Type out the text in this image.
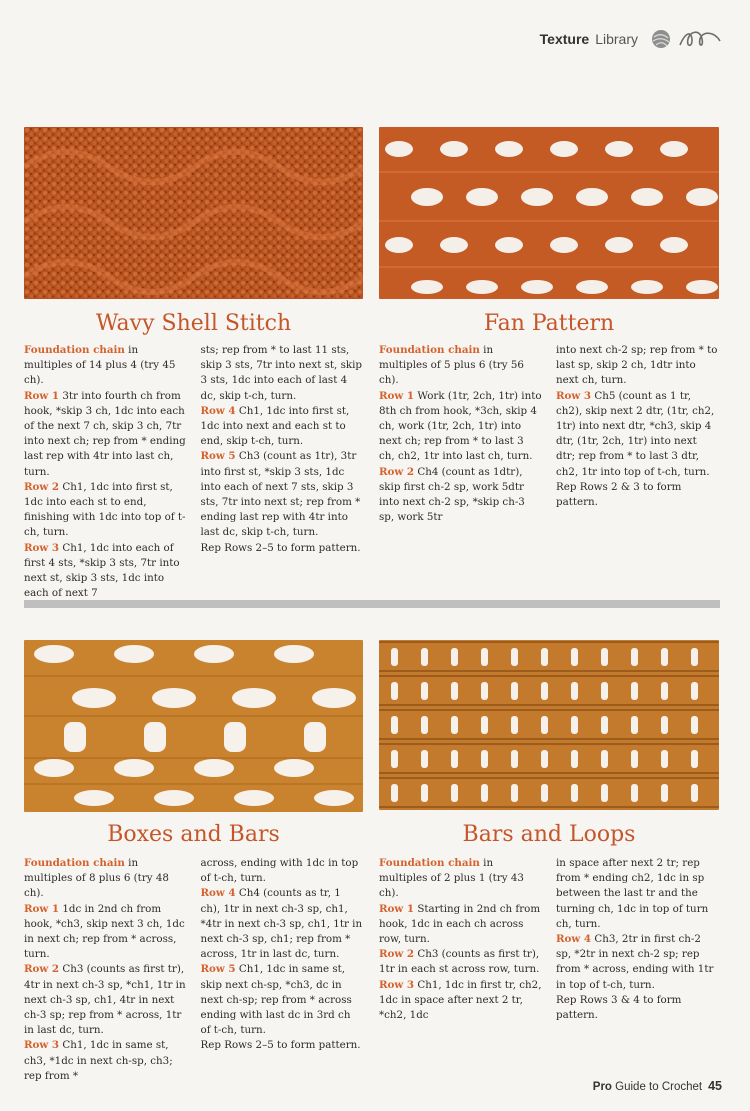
Texture Library
Wavy Shell Stitch

Foundation chain in multiples of 14 plus 4 (try 45 ch).

Row 1 3tr into fourth ch from hook, *skip 3 ch, 1dc into each of the next 7 ch, skip 3 ch, 7tr into next ch; rep from * ending last rep with 4tr into last ch, turn.

Row 2 Ch1, 1dc into first st, 1dc into each st to end, finishing with 1dc into top of t-ch, turn.

Row 3 Ch1, 1dc into each of first 4 sts, *skip 3 sts, 7tr into next st, skip 3 sts, 1dc into each of next 7

sts; rep from * to last 11 sts, skip 3 sts, 7tr into next st, skip 3 sts, 1dc into each of last 4 dc, skip t-ch, turn.

Row 4 Ch1, 1dc into first st, 1dc into next and each st to end, skip t-ch, turn.

Row 5 Ch3 (count as 1tr), 3tr into first st, *skip 3 sts, 1dc into each of next 7 sts, skip 3 sts, 7tr into next st; rep from * ending last rep with 4tr into last dc, skip t-ch, turn.

Rep Rows 2–5 to form pattern.

Fan Pattern

Foundation chain in multiples of 5 plus 6 (try 56 ch).

Row 1 Work (1tr, 2ch, 1tr) into 8th ch from hook, *3ch, skip 4 ch, work (1tr, 2ch, 1tr) into next ch; rep from * to last 3 ch, ch2, 1tr into last ch, turn.

Row 2 Ch4 (count as 1dtr), skip first ch-2 sp, work 5dtr into next ch-2 sp, *skip ch-3 sp, work 5tr

into next ch-2 sp; rep from * to last sp, skip 2 ch, 1dtr into next ch, turn.

Row 3 Ch5 (count as 1 tr, ch2), skip next 2 dtr, (1tr, ch2, 1tr) into next dtr, *ch3, skip 4 dtr, (1tr, 2ch, 1tr) into next dtr; rep from * to last 3 dtr, ch2, 1tr into top of t-ch, turn.

Rep Rows 2 & 3 to form pattern.

Boxes and Bars

Foundation chain in multiples of 8 plus 6 (try 48 ch).

Row 1 1dc in 2nd ch from hook, *ch3, skip next 3 ch, 1dc in next ch; rep from * across, turn.

Row 2 Ch3 (counts as first tr), 4tr in next ch-3 sp, *ch1, 1tr in next ch-3 sp, ch1, 4tr in next ch-3 sp; rep from * across, 1tr in last dc, turn.

Row 3 Ch1, 1dc in same st, ch3, *1dc in next ch-sp, ch3; rep from *

across, ending with 1dc in top of t-ch, turn.

Row 4 Ch4 (counts as tr, 1 ch), 1tr in next ch-3 sp, ch1, *4tr in next ch-3 sp, ch1, 1tr in next ch-3 sp, ch1; rep from * across, 1tr in last dc, turn.

Row 5 Ch1, 1dc in same st, skip next ch-sp, *ch3, dc in next ch-sp; rep from * across ending with last dc in 3rd ch of t-ch, turn.

Rep Rows 2–5 to form pattern.

Bars and Loops

Foundation chain in multiples of 2 plus 1 (try 43 ch).

Row 1 Starting in 2nd ch from hook, 1dc in each ch across row, turn.

Row 2 Ch3 (counts as first tr), 1tr in each st across row, turn.

Row 3 Ch1, 1dc in first tr, ch2, 1dc in space after next 2 tr, *ch2, 1dc

in space after next 2 tr; rep from * ending ch2, 1dc in sp between the last tr and the turning ch, 1dc in top of turn ch, turn.

Row 4 Ch3, 2tr in first ch-2 sp, *2tr in next ch-2 sp; rep from * across, ending with 1tr in top of t-ch, turn.

Rep Rows 3 & 4 to form pattern.

Pro Guide to Crochet 45
